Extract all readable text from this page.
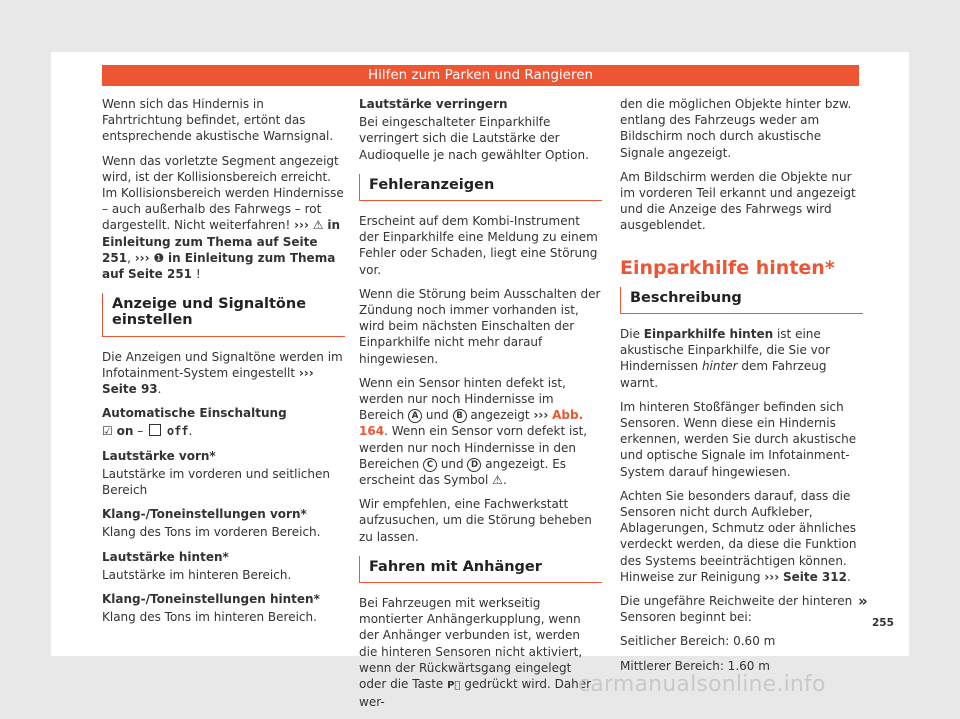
Hilfen zum Parken und Rangieren

Wenn sich das Hindernis in Fahrtrichtung befindet, ertönt das entsprechende akustische Warnsignal.

Wenn das vorletzte Segment angezeigt wird, ist der Kollisionsbereich erreicht. Im Kollisionsbereich werden Hindernisse – auch außerhalb des Fahrwegs – rot dargestellt. Nicht weiterfahren! ››› ⚠ in Einleitung zum Thema auf Seite 251, ››› ❶ in Einleitung zum Thema auf Seite 251 !

Anzeige und Signaltöne einstellen

Die Anzeigen und Signaltöne werden im Infotainment-System eingestellt ››› Seite 93.

Automatische Einschaltung

☑ on –  off.

Lautstärke vorn*

Lautstärke im vorderen und seitlichen Bereich

Klang-/Toneinstellungen vorn*

Klang des Tons im vorderen Bereich.

Lautstärke hinten*

Lautstärke im hinteren Bereich.

Klang-/Toneinstellungen hinten*

Klang des Tons im hinteren Bereich.

Lautstärke verringern

Bei eingeschalteter Einparkhilfe verringert sich die Lautstärke der Audioquelle je nach gewählter Option.

Fehleranzeigen

Erscheint auf dem Kombi-Instrument der Einparkhilfe eine Meldung zu einem Fehler oder Schaden, liegt eine Störung vor.

Wenn die Störung beim Ausschalten der Zündung noch immer vorhanden ist, wird beim nächsten Einschalten der Einparkhilfe nicht mehr darauf hingewiesen.

Wenn ein Sensor hinten defekt ist, werden nur noch Hindernisse im Bereich A und B angezeigt ››› Abb. 164. Wenn ein Sensor vorn defekt ist, werden nur noch Hindernisse in den Bereichen C und D angezeigt. Es erscheint das Symbol ⚠.

Wir empfehlen, eine Fachwerkstatt aufzusuchen, um die Störung beheben zu lassen.

Fahren mit Anhänger

Bei Fahrzeugen mit werkseitig montierter Anhängerkupplung, wenn der Anhänger verbunden ist, werden die hinteren Sensoren nicht aktiviert, wenn der Rückwärtsgang eingelegt oder die Taste P⃨ gedrückt wird. Daher wer-

den die möglichen Objekte hinter bzw. entlang des Fahrzeugs weder am Bildschirm noch durch akustische Signale angezeigt.

Am Bildschirm werden die Objekte nur im vorderen Teil erkannt und angezeigt und die Anzeige des Fahrwegs wird ausgeblendet.

Einparkhilfe hinten*
Beschreibung

Die Einparkhilfe hinten ist eine akustische Einparkhilfe, die Sie vor Hindernissen hinter dem Fahrzeug warnt.

Im hinteren Stoßfänger befinden sich Sensoren. Wenn diese ein Hindernis erkennen, werden Sie durch akustische und optische Signale im Infotainment-System darauf hingewiesen.

Achten Sie besonders darauf, dass die Sensoren nicht durch Aufkleber, Ablagerungen, Schmutz oder ähnliches verdeckt werden, da diese die Funktion des Systems beeinträchtigen können. Hinweise zur Reinigung ››› Seite 312.

Die ungefähre Reichweite der hinteren Sensoren beginnt bei:

Seitlicher Bereich: 0.60 m

Mittlerer Bereich: 1.60 m

»
255
carmanualsonline.info
